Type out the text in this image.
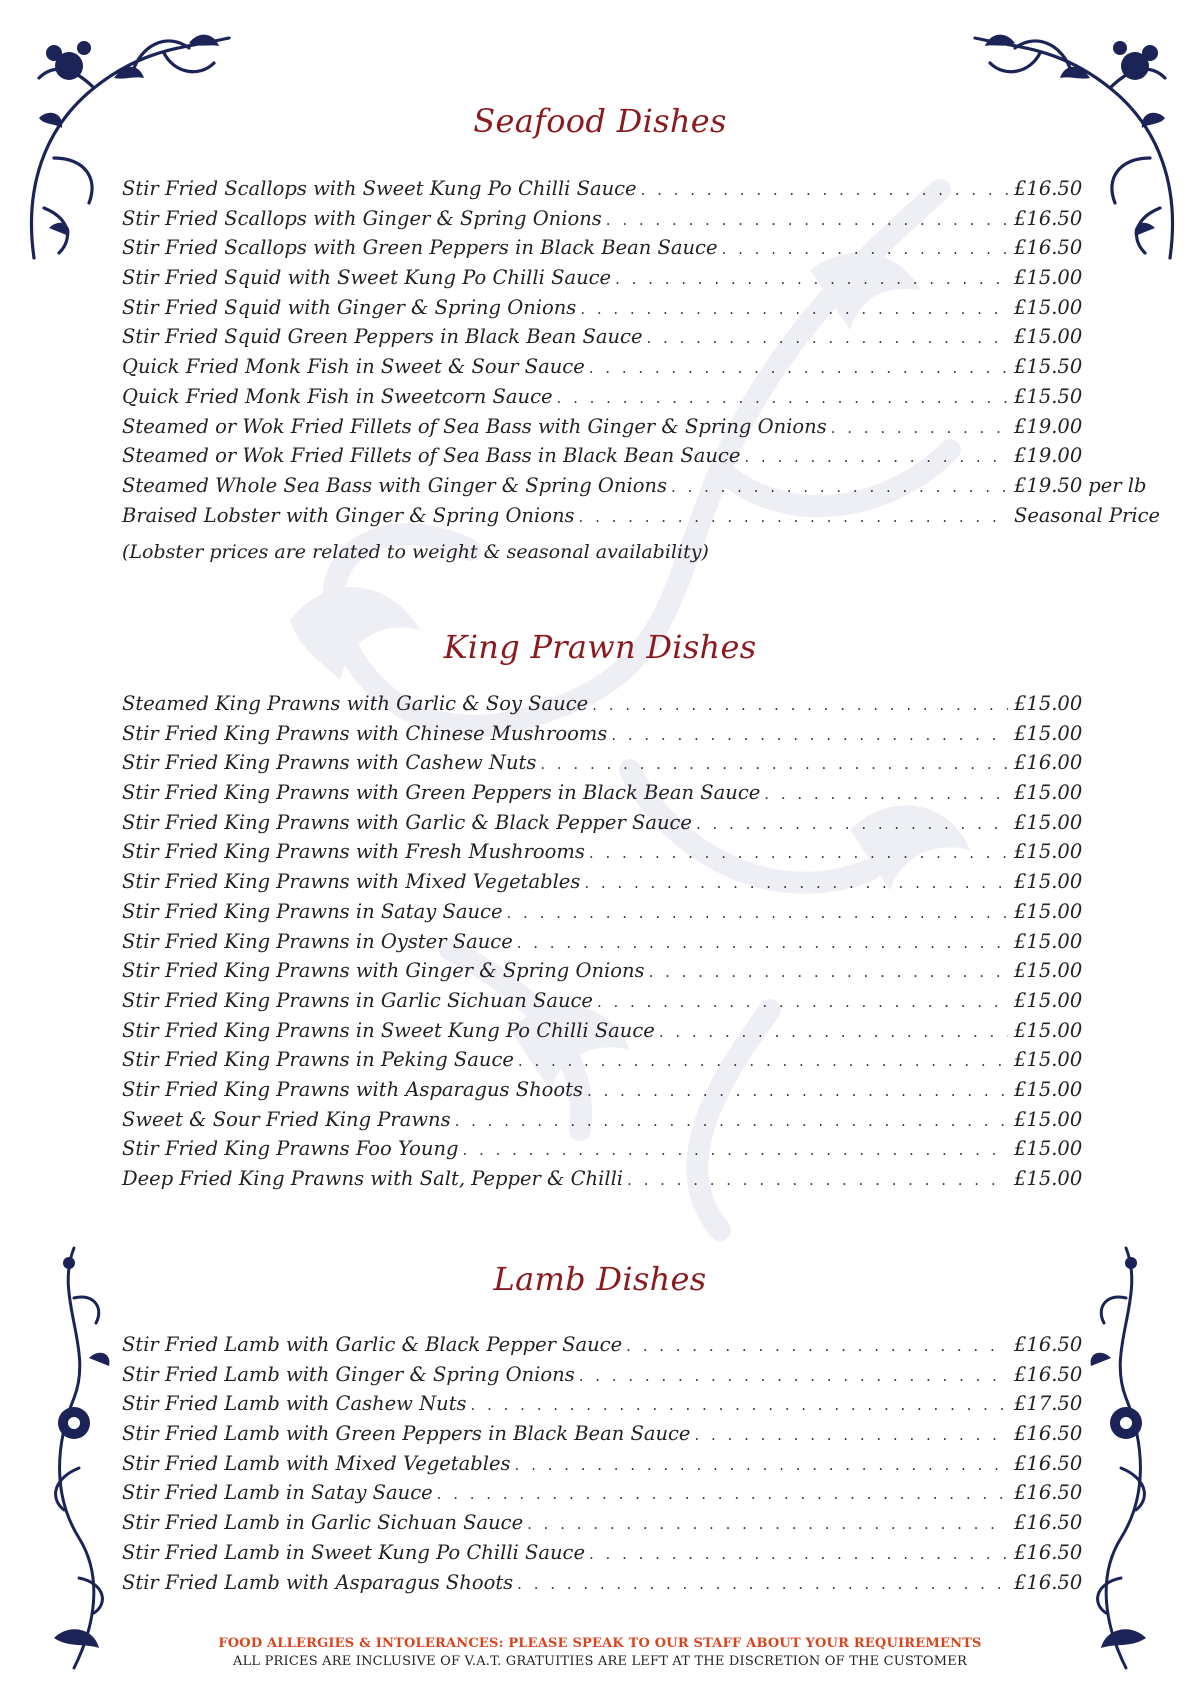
Seafood Dishes
Stir Fried Scallops with Sweet Kung Po Chilli Sauce . . .	£16.50
Stir Fried Scallops with Ginger & Spring Onions . . .	£16.50
Stir Fried Scallops with Green Peppers in Black Bean Sauce . . .	£16.50
Stir Fried Squid with Sweet Kung Po Chilli Sauce . . .	£15.00
Stir Fried Squid with Ginger & Spring Onions . . .	£15.00
Stir Fried Squid Green Peppers in Black Bean Sauce . . .	£15.00
Quick Fried Monk Fish in Sweet & Sour Sauce . . .	£15.50
Quick Fried Monk Fish in Sweetcorn Sauce . . .	£15.50
Steamed or Wok Fried Fillets of Sea Bass with Ginger & Spring Onions . . .	£19.00
Steamed or Wok Fried Fillets of Sea Bass in Black Bean Sauce . . .	£19.00
Steamed Whole Sea Bass with Ginger & Spring Onions . . .	£19.50 per lb
Braised Lobster with Ginger & Spring Onions . . .	Seasonal Price
(Lobster prices are related to weight & seasonal availability)
King Prawn Dishes
Steamed King Prawns with Garlic & Soy Sauce . . .	£15.00
Stir Fried King Prawns with Chinese Mushrooms . . .	£15.00
Stir Fried King Prawns with Cashew Nuts . . .	£16.00
Stir Fried King Prawns with Green Peppers in Black Bean Sauce . . .	£15.00
Stir Fried King Prawns with Garlic & Black Pepper Sauce . . .	£15.00
Stir Fried King Prawns with Fresh Mushrooms . . .	£15.00
Stir Fried King Prawns with Mixed Vegetables . . .	£15.00
Stir Fried King Prawns in Satay Sauce . . .	£15.00
Stir Fried King Prawns in Oyster Sauce . . .	£15.00
Stir Fried King Prawns with Ginger & Spring Onions . . .	£15.00
Stir Fried King Prawns in Garlic Sichuan Sauce . . .	£15.00
Stir Fried King Prawns in Sweet Kung Po Chilli Sauce . . .	£15.00
Stir Fried King Prawns in Peking Sauce . . .	£15.00
Stir Fried King Prawns with Asparagus Shoots . . .	£15.00
Sweet & Sour Fried King Prawns . . .	£15.00
Stir Fried King Prawns Foo Young . . .	£15.00
Deep Fried King Prawns with Salt, Pepper & Chilli . . .	£15.00
Lamb Dishes
Stir Fried Lamb with Garlic & Black Pepper Sauce . . .	£16.50
Stir Fried Lamb with Ginger & Spring Onions . . .	£16.50
Stir Fried Lamb with Cashew Nuts . . .	£17.50
Stir Fried Lamb with Green Peppers in Black Bean Sauce . . .	£16.50
Stir Fried Lamb with Mixed Vegetables . . .	£16.50
Stir Fried Lamb in Satay Sauce . . .	£16.50
Stir Fried Lamb in Garlic Sichuan Sauce . . .	£16.50
Stir Fried Lamb in Sweet Kung Po Chilli Sauce . . .	£16.50
Stir Fried Lamb with Asparagus Shoots . . .	£16.50
FOOD ALLERGIES & INTOLERANCES: PLEASE SPEAK TO OUR STAFF ABOUT YOUR REQUIREMENTS
ALL PRICES ARE INCLUSIVE OF V.A.T. GRATUITIES ARE LEFT AT THE DISCRETION OF THE CUSTOMER
